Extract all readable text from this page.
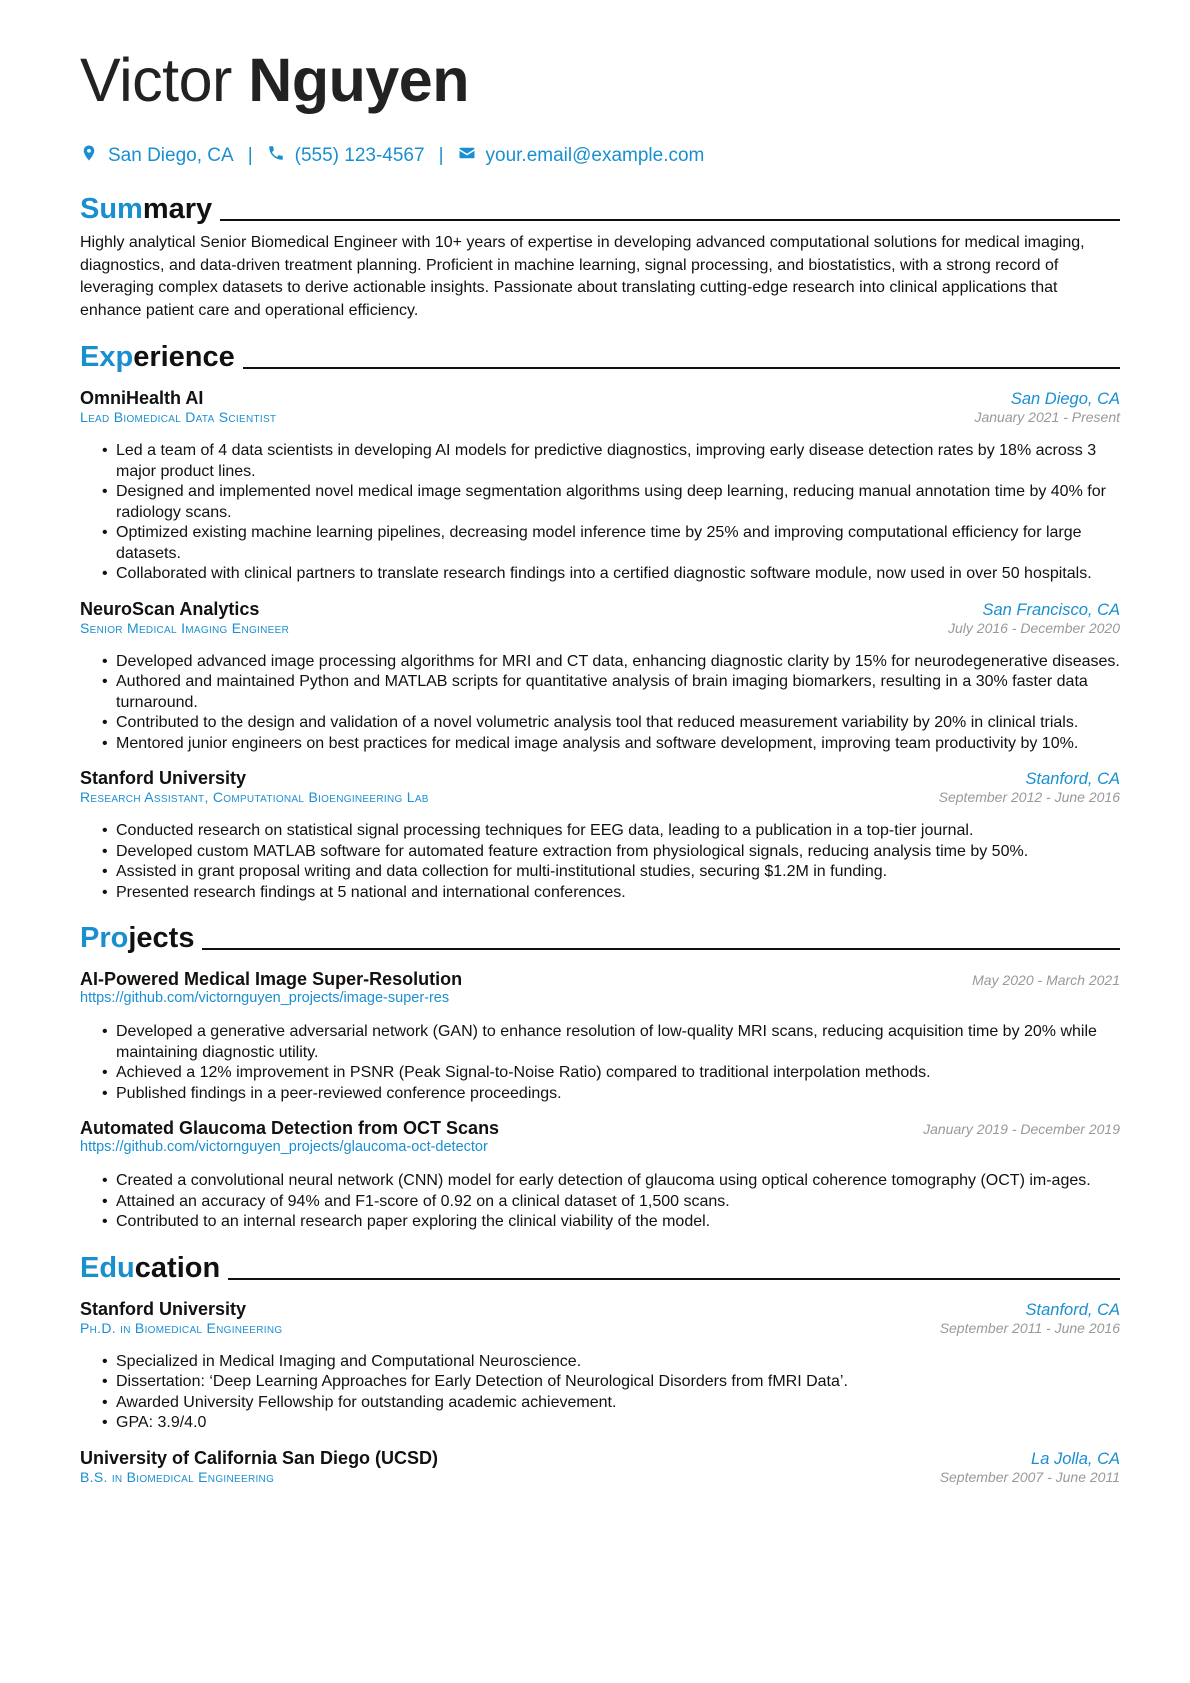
Victor Nguyen
San Diego, CA | (555) 123-4567 | your.email@example.com
Summary
Highly analytical Senior Biomedical Engineer with 10+ years of expertise in developing advanced computational solutions for medical imaging, diagnostics, and data-driven treatment planning. Proficient in machine learning, signal processing, and biostatistics, with a strong record of leveraging complex datasets to derive actionable insights. Passionate about translating cutting-edge research into clinical applications that enhance patient care and operational efficiency.
Experience
OmniHealth AI	San Diego, CA
Lead Biomedical Data Scientist	January 2021 - Present
• Led a team of 4 data scientists in developing AI models for predictive diagnostics, improving early disease detection rates by 18% across 3 major product lines.
• Designed and implemented novel medical image segmentation algorithms using deep learning, reducing manual annotation time by 40% for radiology scans.
• Optimized existing machine learning pipelines, decreasing model inference time by 25% and improving computational efficiency for large datasets.
• Collaborated with clinical partners to translate research findings into a certified diagnostic software module, now used in over 50 hospitals.
NeuroScan Analytics	San Francisco, CA
Senior Medical Imaging Engineer	July 2016 - December 2020
• Developed advanced image processing algorithms for MRI and CT data, enhancing diagnostic clarity by 15% for neurodegenerative diseases.
• Authored and maintained Python and MATLAB scripts for quantitative analysis of brain imaging biomarkers, resulting in a 30% faster data turnaround.
• Contributed to the design and validation of a novel volumetric analysis tool that reduced measurement variability by 20% in clinical trials.
• Mentored junior engineers on best practices for medical image analysis and software development, improving team productivity by 10%.
Stanford University	Stanford, CA
Research Assistant, Computational Bioengineering Lab	September 2012 - June 2016
• Conducted research on statistical signal processing techniques for EEG data, leading to a publication in a top-tier journal.
• Developed custom MATLAB software for automated feature extraction from physiological signals, reducing analysis time by 50%.
• Assisted in grant proposal writing and data collection for multi-institutional studies, securing $1.2M in funding.
• Presented research findings at 5 national and international conferences.
Projects
AI-Powered Medical Image Super-Resolution	May 2020 - March 2021
https://github.com/victornguyen_projects/image-super-res
• Developed a generative adversarial network (GAN) to enhance resolution of low-quality MRI scans, reducing acquisition time by 20% while maintaining diagnostic utility.
• Achieved a 12% improvement in PSNR (Peak Signal-to-Noise Ratio) compared to traditional interpolation methods.
• Published findings in a peer-reviewed conference proceedings.
Automated Glaucoma Detection from OCT Scans	January 2019 - December 2019
https://github.com/victornguyen_projects/glaucoma-oct-detector
• Created a convolutional neural network (CNN) model for early detection of glaucoma using optical coherence tomography (OCT) im-ages.
• Attained an accuracy of 94% and F1-score of 0.92 on a clinical dataset of 1,500 scans.
• Contributed to an internal research paper exploring the clinical viability of the model.
Education
Stanford University	Stanford, CA
Ph.D. in Biomedical Engineering	September 2011 - June 2016
• Specialized in Medical Imaging and Computational Neuroscience.
• Dissertation: ‘Deep Learning Approaches for Early Detection of Neurological Disorders from fMRI Data’.
• Awarded University Fellowship for outstanding academic achievement.
• GPA: 3.9/4.0
University of California San Diego (UCSD)	La Jolla, CA
B.S. in Biomedical Engineering	September 2007 - June 2011
